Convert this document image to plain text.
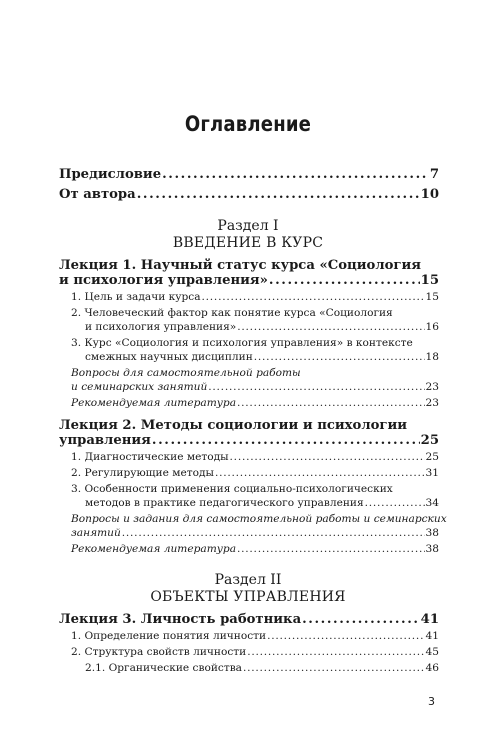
Оглавление
Предисловие . . .	7
От автора . . .	10
Раздел I
ВВЕДЕНИЕ В КУРС
Лекция 1. Научный статус курса «Социология
и психология управления» . . .	15
1. Цель и задачи курса . . .	15
2. Человеческий фактор как понятие курса «Социология
и психология управления» . . .	16
3. Курс «Социология и психология управления» в контексте
смежных научных дисциплин . . .	18
Вопросы для самостоятельной работы
и семинарских занятий . . .	23
Рекомендуемая литература . . .	23
Лекция 2. Методы социологии и психологии
управления . . .	25
1. Диагностические методы . . .	25
2. Регулирующие методы . . .	31
3. Особенности применения социально-психологических
методов в практике педагогического управления . . .	34
Вопросы и задания для самостоятельной работы и семинарских
занятий . . .	38
Рекомендуемая литература . . .	38
Раздел II
ОБЪЕКТЫ УПРАВЛЕНИЯ
Лекция 3. Личность работника . . .	41
1. Определение понятия личности . . .	41
2. Структура свойств личности . . .	45
2.1. Органические свойства . . .	46
3
